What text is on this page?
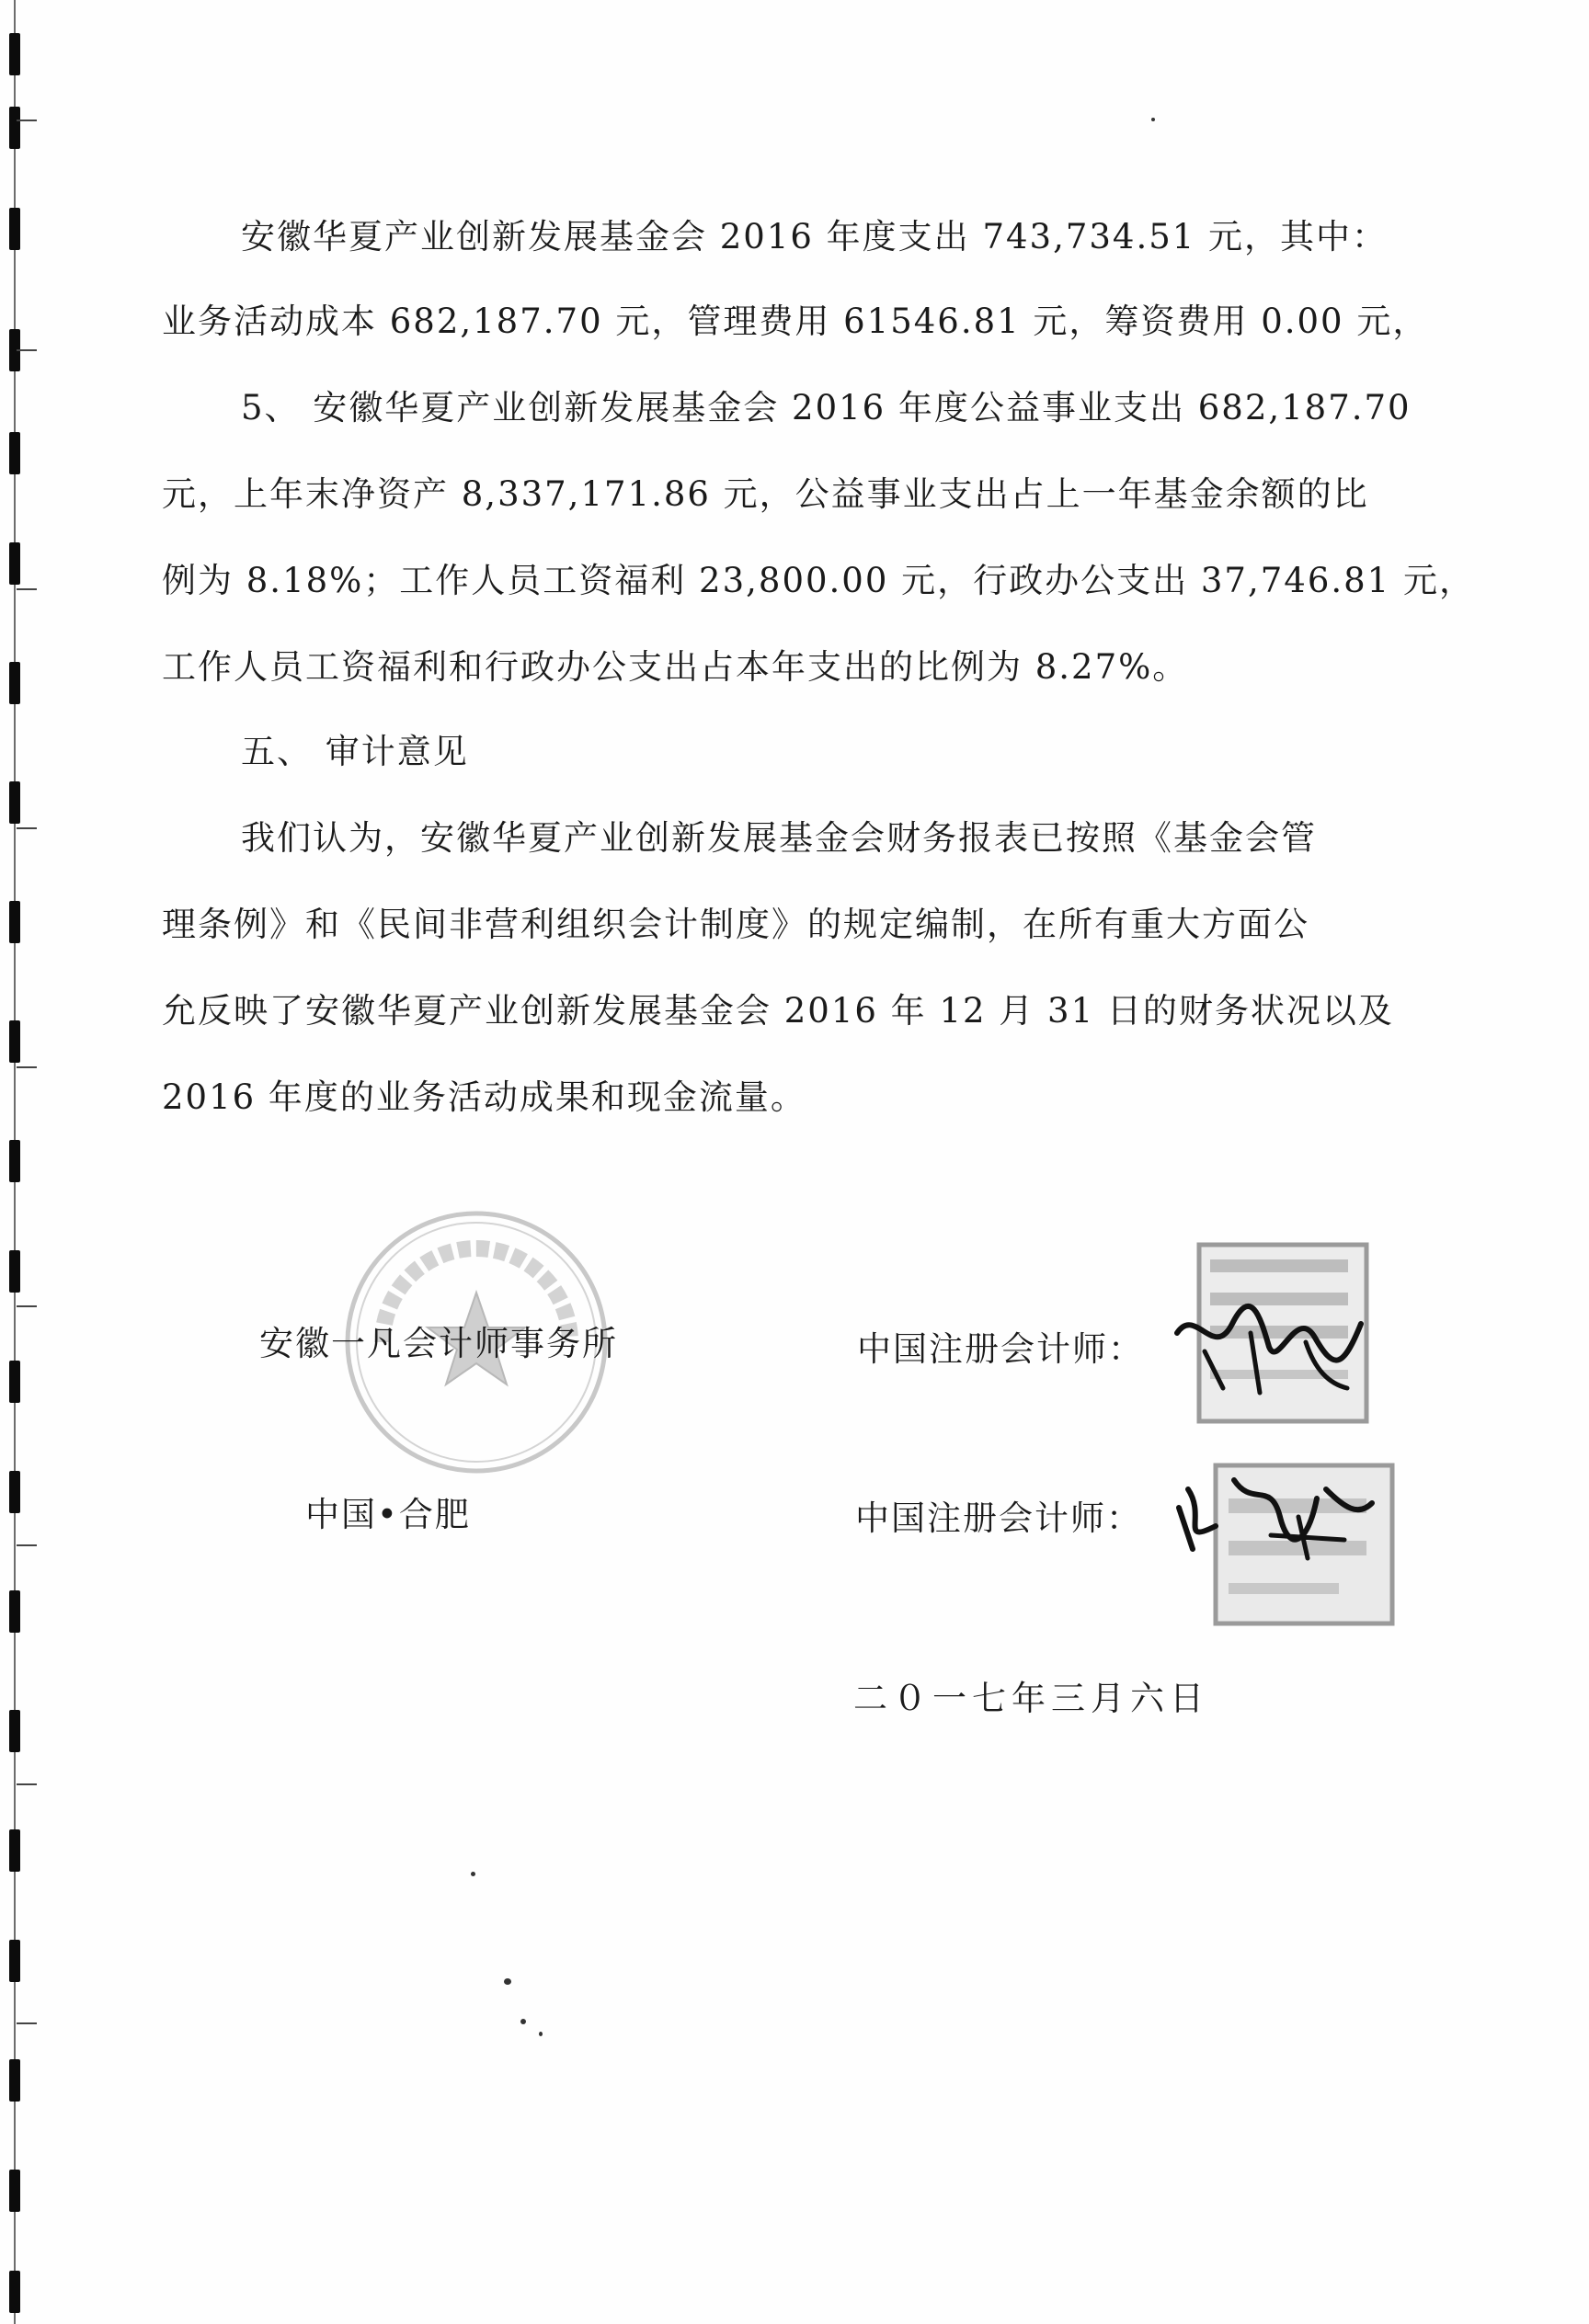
安徽华夏产业创新发展基金会 2016 年度支出 743,734.51 元，其中：
业务活动成本 682,187.70 元，管理费用 61546.81 元，筹资费用 0.00 元，
5、 安徽华夏产业创新发展基金会 2016 年度公益事业支出 682,187.70
元，上年末净资产 8,337,171.86 元，公益事业支出占上一年基金余额的比
例为 8.18%；工作人员工资福利 23,800.00 元，行政办公支出 37,746.81 元，
工作人员工资福利和行政办公支出占本年支出的比例为 8.27%。
五、 审计意见
我们认为，安徽华夏产业创新发展基金会财务报表已按照《基金会管
理条例》和《民间非营利组织会计制度》的规定编制，在所有重大方面公
允反映了安徽华夏产业创新发展基金会 2016 年 12 月 31 日的财务状况以及
2016 年度的业务活动成果和现金流量。
安徽一凡会计师事务所
中国•合肥
中国注册会计师：
中国注册会计师：
二０一七年三月六日
